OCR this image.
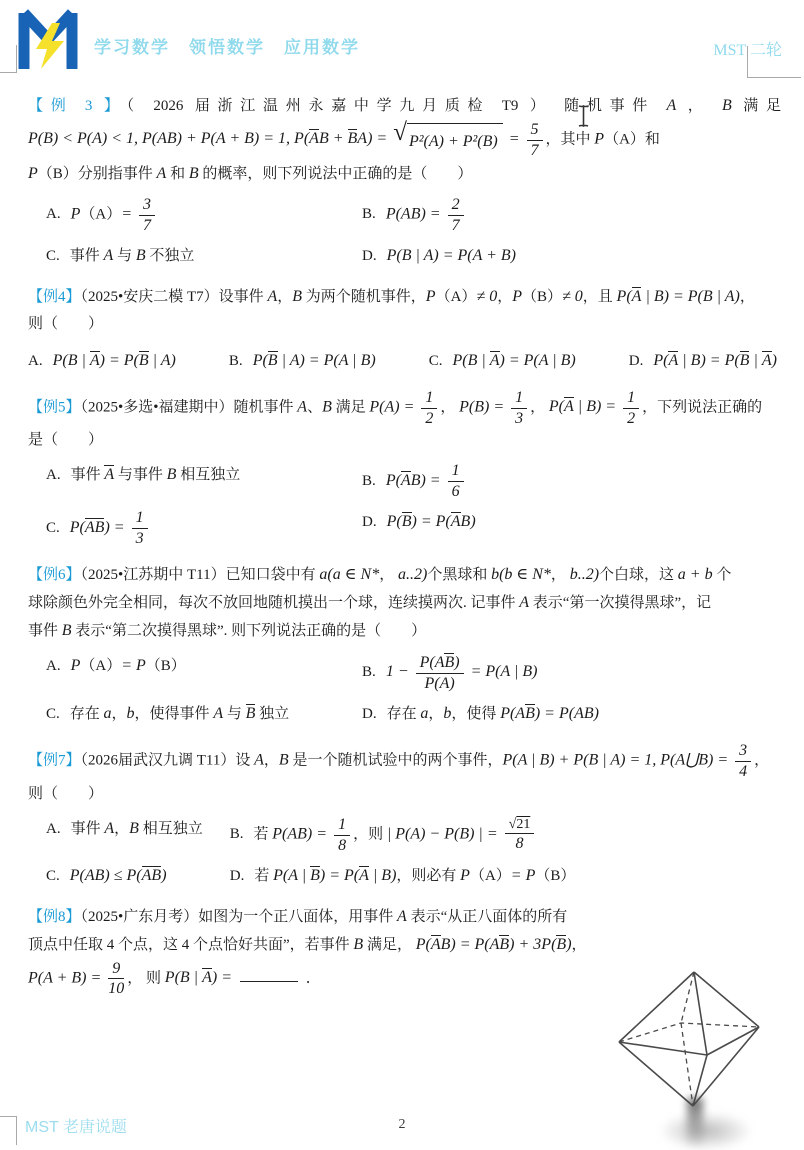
学习数学　领悟数学　应用数学	MST 二轮
【例 3 】（ 2026 届浙江温州永嘉中学九月质检 T9 ） 随机事件 A ， B 满足
P(B) < P(A) < 1, P(AB) + P(A + B) = 1, P(AB + BA) = √ $P^2(A) + P^2(B) = \frac{5}{7}$ ，其中 P（A）和
P（B）分别指事件 A 和 B 的概率，则下列说法中正确的是（　　）
A. $P(A)= \frac{3}{7}$	B. $P(AB) = \frac{2}{7}$
C. 事件 A 与 B 不独立	D. P(B | A) = P(A + B)
【例4】（2025•安庆二模 T7）设事件 A，B 为两个随机事件，P（A）≠ 0，P（B）≠ 0，且 P(A | B) = P(B | A)，
则（　　）
A. P(B | A) = P(B | A)	B. P(B | A) = P(A | B)	C. P(B | A) = P(A | B)	D. P(A | B) = P(B | A)
【例5】（2025•多选•福建期中）随机事件 A、B 满足 $P(A) = \frac{1}{2}$ ， $P(B) = \frac{1}{3}$ ， P(A | $B) = \frac{1}{2}$ ，下列说法正确的
是（　　）
A. 事件 A 与事件 B 相互独立	B. $P(AB) = \frac{1}{6}$
C. $P(AB) = \frac{1}{3}$	D. P(B) = P(AB)
【例6】（2025•江苏期中 T11）已知口袋中有 a(a ∈ N*， a..2)个黑球和 b(b ∈ N*， b..2)个白球，这 a + b 个
球除颜色外完全相同，每次不放回地随机摸出一个球，连续摸两次. 记事件 A 表示“第一次摸得黑球”，记
事件 B 表示“第二次摸得黑球”. 则下列说法正确的是（　　）
A. P（A）= P（B）	B. $1 - \frac{P(AB)}{P(A)} = P(A$ | B)
C. 存在 a，b，使得事件 A 与 B 独立	D. 存在 a，b，使得 P(AB) = P(AB)
【例7】（2026届武汉九调 T11）设 A，B 是一个随机试验中的两个事件，P(A | B) + P(B | A) = 1, P(A⋃B) = $\frac{3}{4}$ ，
则（　　）
A. 事件 A，B 相互独立	B. 若 $P(AB) = \frac{1}{8}$ ，则 | P(A) − P(B) | = $\frac{√21}{8}$
C. P(AB) ≤ P(AB)	D. 若 P(A | B) = P(A | B)，则必有 P（A）= P（B）
【例8】（2025•广东月考）如图为一个正八面体，用事件 A 表示“从正八面体的所有
顶点中任取 4 个点，这 4 个点恰好共面”，若事件 B 满足， P(AB) = P(AB) + 3P(B)，
$P(A + B) = \frac{9}{10}$ ， 则 P(B | A) =	．
MST 老唐说题	2
